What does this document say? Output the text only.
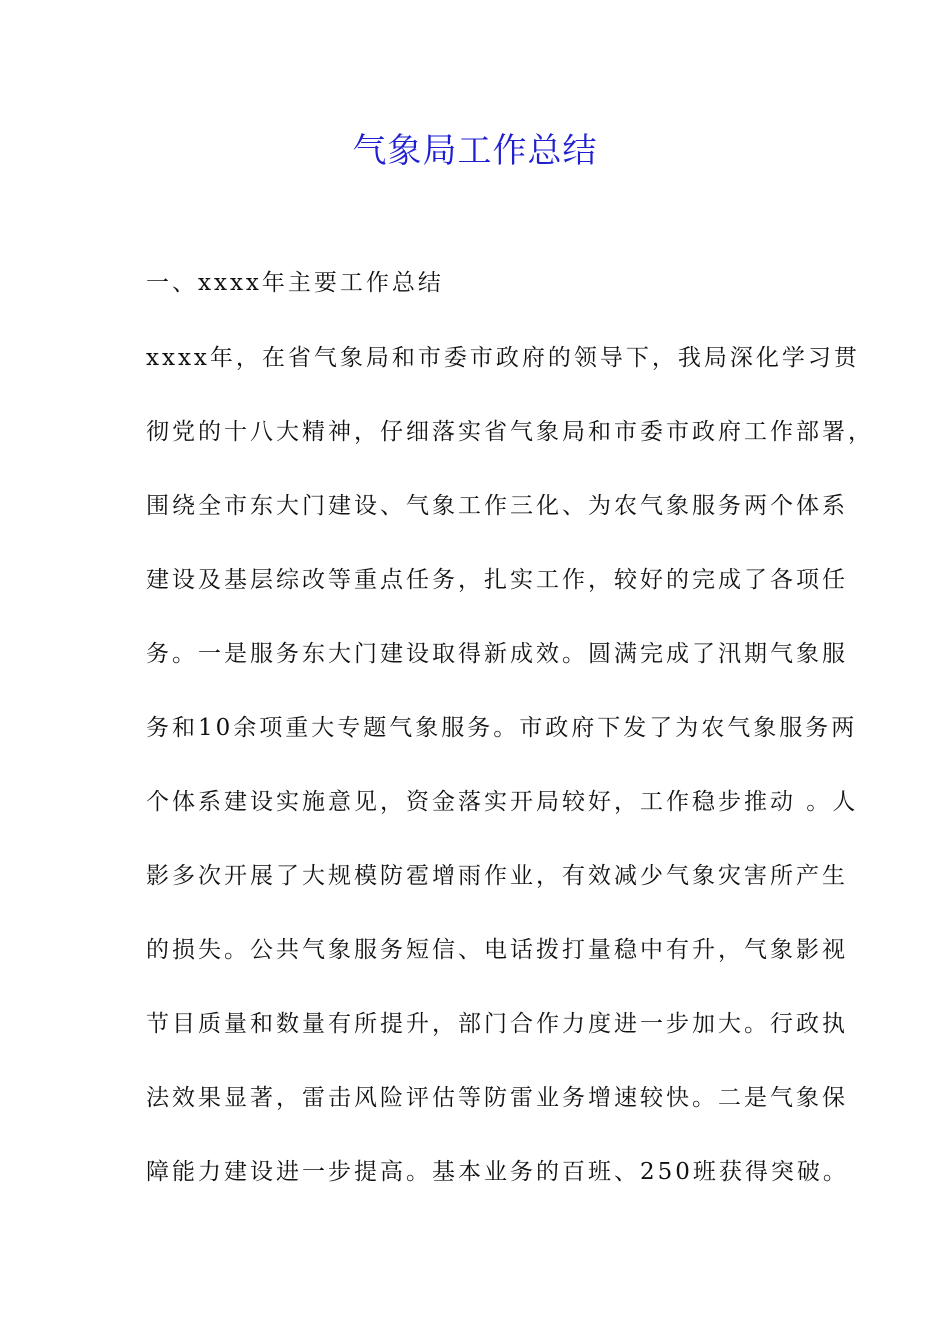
气象局工作总结

一、xxxx年主要工作总结

xxxx年，在省气象局和市委市政府的领导下，我局深化学习贯

彻党的十八大精神，仔细落实省气象局和市委市政府工作部署，

围绕全市东大门建设、气象工作三化、为农气象服务两个体系

建设及基层综改等重点任务，扎实工作，较好的完成了各项任

务。一是服务东大门建设取得新成效。圆满完成了汛期气象服

务和10余项重大专题气象服务。市政府下发了为农气象服务两

个体系建设实施意见，资金落实开局较好，工作稳步推动 。人

影多次开展了大规模防雹增雨作业，有效减少气象灾害所产生

的损失。公共气象服务短信、电话拨打量稳中有升，气象影视

节目质量和数量有所提升，部门合作力度进一步加大。行政执

法效果显著，雷击风险评估等防雷业务增速较快。二是气象保

障能力建设进一步提高。基本业务的百班、250班获得突破。
